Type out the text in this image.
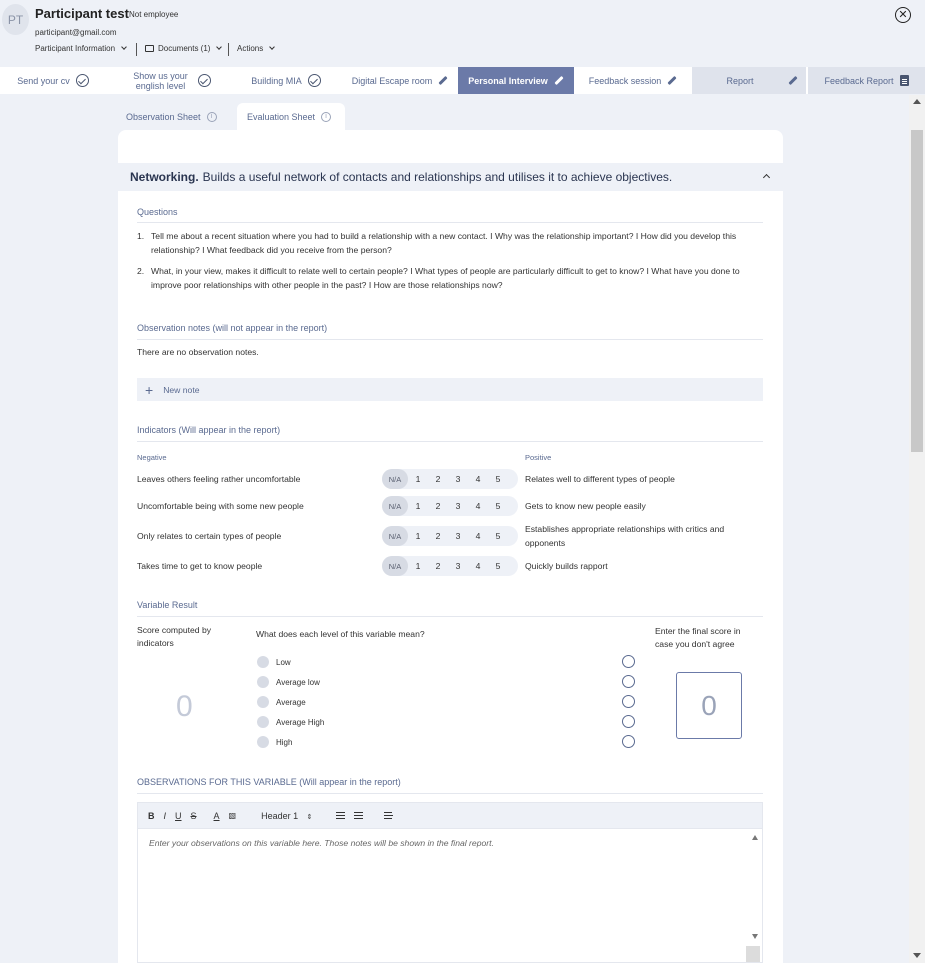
PT Participant test Not employee
participant@gmail.com
Participant Information	Documents (1)	Actions
✕
Send your cv	Show us your english level	Building MIA	Digital Escape room	Personal Interview	Feedback session	Report	Feedback Report
Observation Sheet	i	Evaluation Sheet	i
Networking. Builds a useful network of contacts and relationships and utilises it to achieve objectives.
Questions
1. Tell me about a recent situation where you had to build a relationship with a new contact. I Why was the relationship important? I How did you develop this relationship? I What feedback did you receive from the person?
2. What, in your view, makes it difficult to relate well to certain people? I What types of people are particularly difficult to get to know? I What have you done to improve poor relationships with other people in the past? I How are those relationships now?
Observation notes (will not appear in the report)
There are no observation notes.
+ New note
Indicators (Will appear in the report)
Negative	Positive
Leaves others feeling rather uncomfortable	N/A	1	2	3	4	5	Relates well to different types of people
Uncomfortable being with some new people	N/A	1	2	3	4	5	Gets to know new people easily
Only relates to certain types of people	N/A	1	2	3	4	5
Establishes appropriate relationships with critics and opponents
Takes time to get to know people	N/A	1	2	3	4	5	Quickly builds rapport
Variable Result
Score computed by indicators
0
What does each level of this variable mean?
Low
Average low
Average
Average High
High
Enter the final score in case you don't agree
0
OBSERVATIONS FOR THIS VARIABLE (Will appear in the report)
B I U S A ▧	Header 1 ⇕
Enter your observations on this variable here. Those notes will be shown in the final report.
